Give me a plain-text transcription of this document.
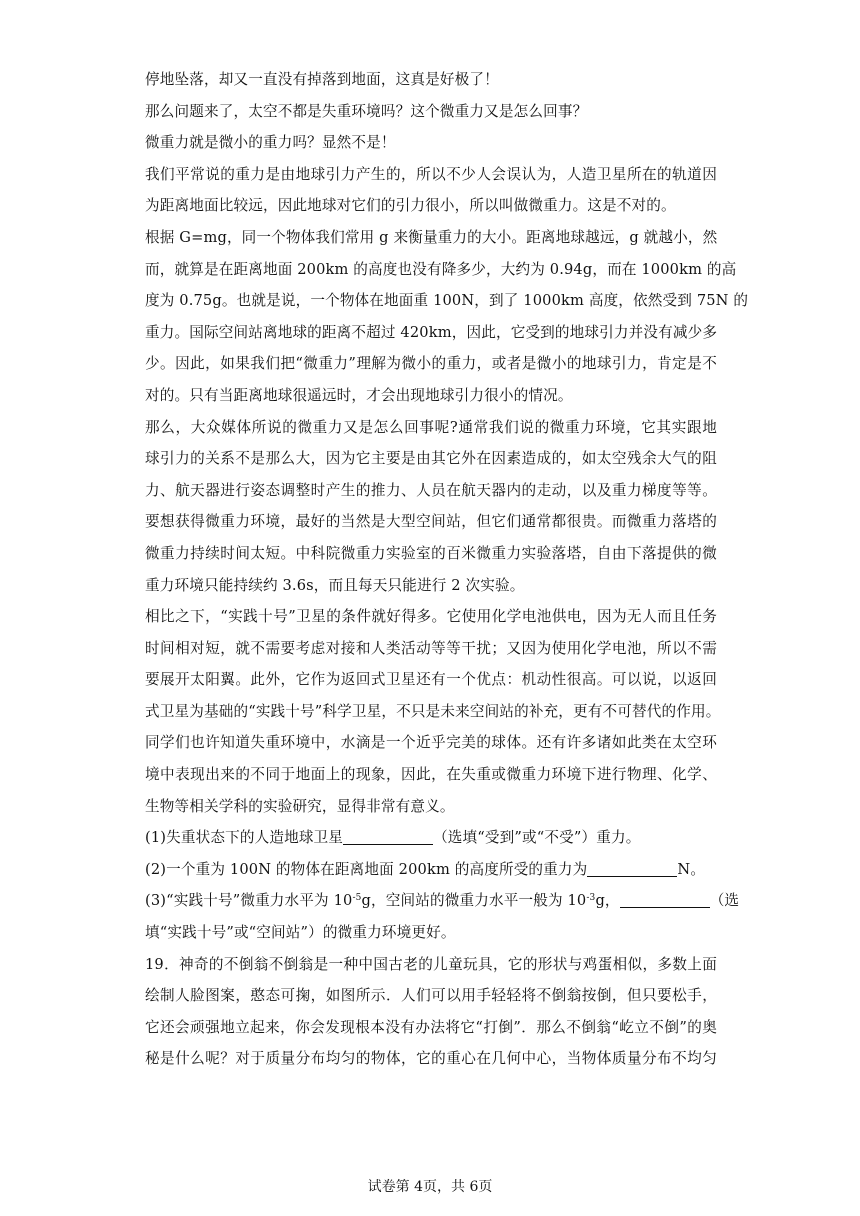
停地坠落，却又一直没有掉落到地面，这真是好极了！

那么问题来了，太空不都是失重环境吗？这个微重力又是怎么回事？

微重力就是微小的重力吗？显然不是！

我们平常说的重力是由地球引力产生的，所以不少人会误认为，人造卫星所在的轨道因
为距离地面比较远，因此地球对它们的引力很小，所以叫做微重力。这是不对的。

根据 G=mg，同一个物体我们常用 g 来衡量重力的大小。距离地球越远，g 就越小，然
而，就算是在距离地面 200km 的高度也没有降多少，大约为 0.94g，而在 1000km 的高
度为 0.75g。也就是说，一个物体在地面重 100N，到了 1000km 高度，依然受到 75N 的
重力。国际空间站离地球的距离不超过 420km，因此，它受到的地球引力并没有减少多
少。因此，如果我们把“微重力”理解为微小的重力，或者是微小的地球引力，肯定是不
对的。只有当距离地球很遥远时，才会出现地球引力很小的情况。

那么，大众媒体所说的微重力又是怎么回事呢?通常我们说的微重力环境，它其实跟地
球引力的关系不是那么大，因为它主要是由其它外在因素造成的，如太空残余大气的阻
力、航天器进行姿态调整时产生的推力、人员在航天器内的走动，以及重力梯度等等。
要想获得微重力环境，最好的当然是大型空间站，但它们通常都很贵。而微重力落塔的
微重力持续时间太短。中科院微重力实验室的百米微重力实验落塔，自由下落提供的微
重力环境只能持续约 3.6s，而且每天只能进行 2 次实验。

相比之下，“实践十号”卫星的条件就好得多。它使用化学电池供电，因为无人而且任务
时间相对短，就不需要考虑对接和人类活动等等干扰；又因为使用化学电池，所以不需
要展开太阳翼。此外，它作为返回式卫星还有一个优点：机动性很高。可以说，以返回
式卫星为基础的“实践十号”科学卫星，不只是未来空间站的补充，更有不可替代的作用。

同学们也许知道失重环境中，水滴是一个近乎完美的球体。还有许多诸如此类在太空环
境中表现出来的不同于地面上的现象，因此，在失重或微重力环境下进行物理、化学、
生物等相关学科的实验研究，显得非常有意义。

(1)失重状态下的人造地球卫星	（选填“受到”或“不受”）重力。

(2)一个重为 100N 的物体在距离地面 200km 的高度所受的重力为	N。

(3)“实践十号”微重力水平为 $10^{-5}g$，空间站的微重力水平一般为 $10^{-3}g$，	（选
填“实践十号”或“空间站”）的微重力环境更好。

19．神奇的不倒翁不倒翁是一种中国古老的儿童玩具，它的形状与鸡蛋相似，多数上面
绘制人脸图案，憨态可掬，如图所示．人们可以用手轻轻将不倒翁按倒，但只要松手，
它还会顽强地立起来，你会发现根本没有办法将它“打倒”．那么不倒翁“屹立不倒”的奥
秘是什么呢？对于质量分布均匀的物体，它的重心在几何中心，当物体质量分布不均匀

试卷第 4页，共 6页
